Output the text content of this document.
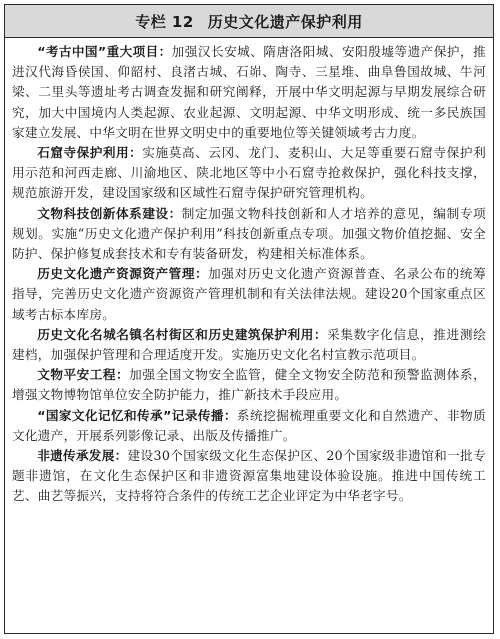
专栏 12 历史文化遗产保护利用

“考古中国”重大项目：加强汉长安城、隋唐洛阳城、安阳殷墟等遗产保护，推进汉代海昏侯国、仰韶村、良渚古城、石峁、陶寺、三星堆、曲阜鲁国故城、牛河梁、二里头等遗址考古调查发掘和研究阐释，开展中华文明起源与早期发展综合研究，加大中国境内人类起源、农业起源、文明起源、中华文明形成、统一多民族国家建立发展、中华文明在世界文明史中的重要地位等关键领域考古力度。

石窟寺保护利用：实施莫高、云冈、龙门、麦积山、大足等重要石窟寺保护利用示范和河西走廊、川渝地区、陕北地区等中小石窟寺抢救保护，强化科技支撑，规范旅游开发，建设国家级和区域性石窟寺保护研究管理机构。

文物科技创新体系建设：制定加强文物科技创新和人才培养的意见，编制专项规划。实施“历史文化遗产保护利用”科技创新重点专项。加强文物价值挖掘、安全防护、保护修复成套技术和专有装备研发，构建相关标准体系。

历史文化遗产资源资产管理：加强对历史文化遗产资源普查、名录公布的统筹指导，完善历史文化遗产资源资产管理机制和有关法律法规。建设20个国家重点区域考古标本库房。

历史文化名城名镇名村街区和历史建筑保护利用：采集数字化信息，推进测绘建档，加强保护管理和合理适度开发。实施历史文化名村宣教示范项目。

文物平安工程：加强全国文物安全监管，健全文物安全防范和预警监测体系，增强文物博物馆单位安全防护能力，推广新技术手段应用。

“国家文化记忆和传承”记录传播：系统挖掘梳理重要文化和自然遗产、非物质文化遗产，开展系列影像记录、出版及传播推广。

非遗传承发展：建设30个国家级文化生态保护区、20个国家级非遗馆和一批专题非遗馆，在文化生态保护区和非遗资源富集地建设体验设施。推进中国传统工艺、曲艺等振兴，支持将符合条件的传统工艺企业评定为中华老字号。
